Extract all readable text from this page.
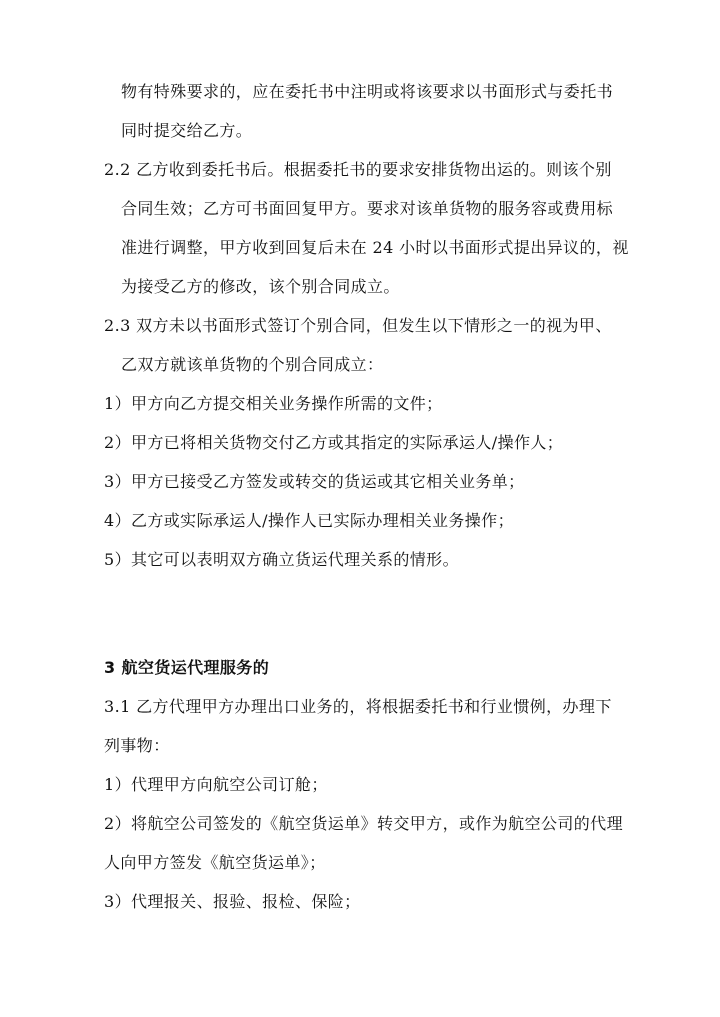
物有特殊要求的，应在委托书中注明或将该要求以书面形式与委托书
同时提交给乙方。
2.2 乙方收到委托书后。根据委托书的要求安排货物出运的。则该个别
合同生效；乙方可书面回复甲方。要求对该单货物的服务容或费用标
准进行调整，甲方收到回复后未在 24 小时以书面形式提出异议的，视
为接受乙方的修改，该个别合同成立。
2.3 双方未以书面形式签订个别合同，但发生以下情形之一的视为甲、
乙双方就该单货物的个别合同成立：
1）甲方向乙方提交相关业务操作所需的文件；
2）甲方已将相关货物交付乙方或其指定的实际承运人/操作人；
3）甲方已接受乙方签发或转交的货运或其它相关业务单；
4）乙方或实际承运人/操作人已实际办理相关业务操作；
5）其它可以表明双方确立货运代理关系的情形。
3 航空货运代理服务的
3.1 乙方代理甲方办理出口业务的，将根据委托书和行业惯例，办理下
列事物：
1）代理甲方向航空公司订舱；
2）将航空公司签发的《航空货运单》转交甲方，或作为航空公司的代理
人向甲方签发《航空货运单》；
3）代理报关、报验、报检、保险；
